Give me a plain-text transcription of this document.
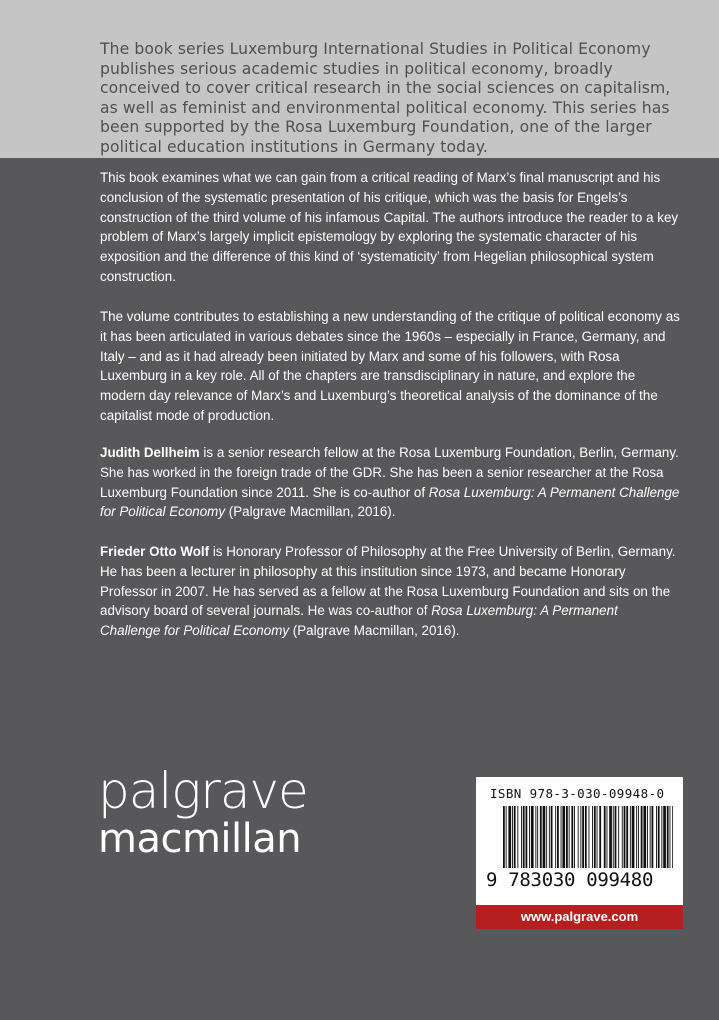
The book series Luxemburg International Studies in Political Economy publishes serious academic studies in political economy, broadly conceived to cover critical research in the social sciences on capitalism, as well as feminist and environmental political economy. This series has been supported by the Rosa Luxemburg Foundation, one of the larger political education institutions in Germany today.

This book examines what we can gain from a critical reading of Marx’s final manuscript and his conclusion of the systematic presentation of his critique, which was the basis for Engels’s construction of the third volume of his infamous Capital. The authors introduce the reader to a key problem of Marx’s largely implicit epistemology by exploring the systematic character of his exposition and the difference of this kind of ‘systematicity’ from Hegelian philosophical system construction.

The volume contributes to establishing a new understanding of the critique of political economy as it has been articulated in various debates since the 1960s – especially in France, Germany, and Italy – and as it had already been initiated by Marx and some of his followers, with Rosa Luxemburg in a key role. All of the chapters are transdisciplinary in nature, and explore the modern day relevance of Marx’s and Luxemburg’s theoretical analysis of the dominance of the capitalist mode of production.

Judith Dellheim is a senior research fellow at the Rosa Luxemburg Foundation, Berlin, Germany. She has worked in the foreign trade of the GDR. She has been a senior researcher at the Rosa Luxemburg Foundation since 2011. She is co-author of Rosa Luxemburg: A Permanent Challenge for Political Economy (Palgrave Macmillan, 2016).

Frieder Otto Wolf is Honorary Professor of Philosophy at the Free University of Berlin, Germany. He has been a lecturer in philosophy at this institution since 1973, and became Honorary Professor in 2007. He has served as a fellow at the Rosa Luxemburg Foundation and sits on the advisory board of several journals. He was co-author of Rosa Luxemburg: A Permanent Challenge for Political Economy (Palgrave Macmillan, 2016).

palgrave
macmillan

ISBN 978-3-030-09948-0

9 783030 099480

www.palgrave.com
